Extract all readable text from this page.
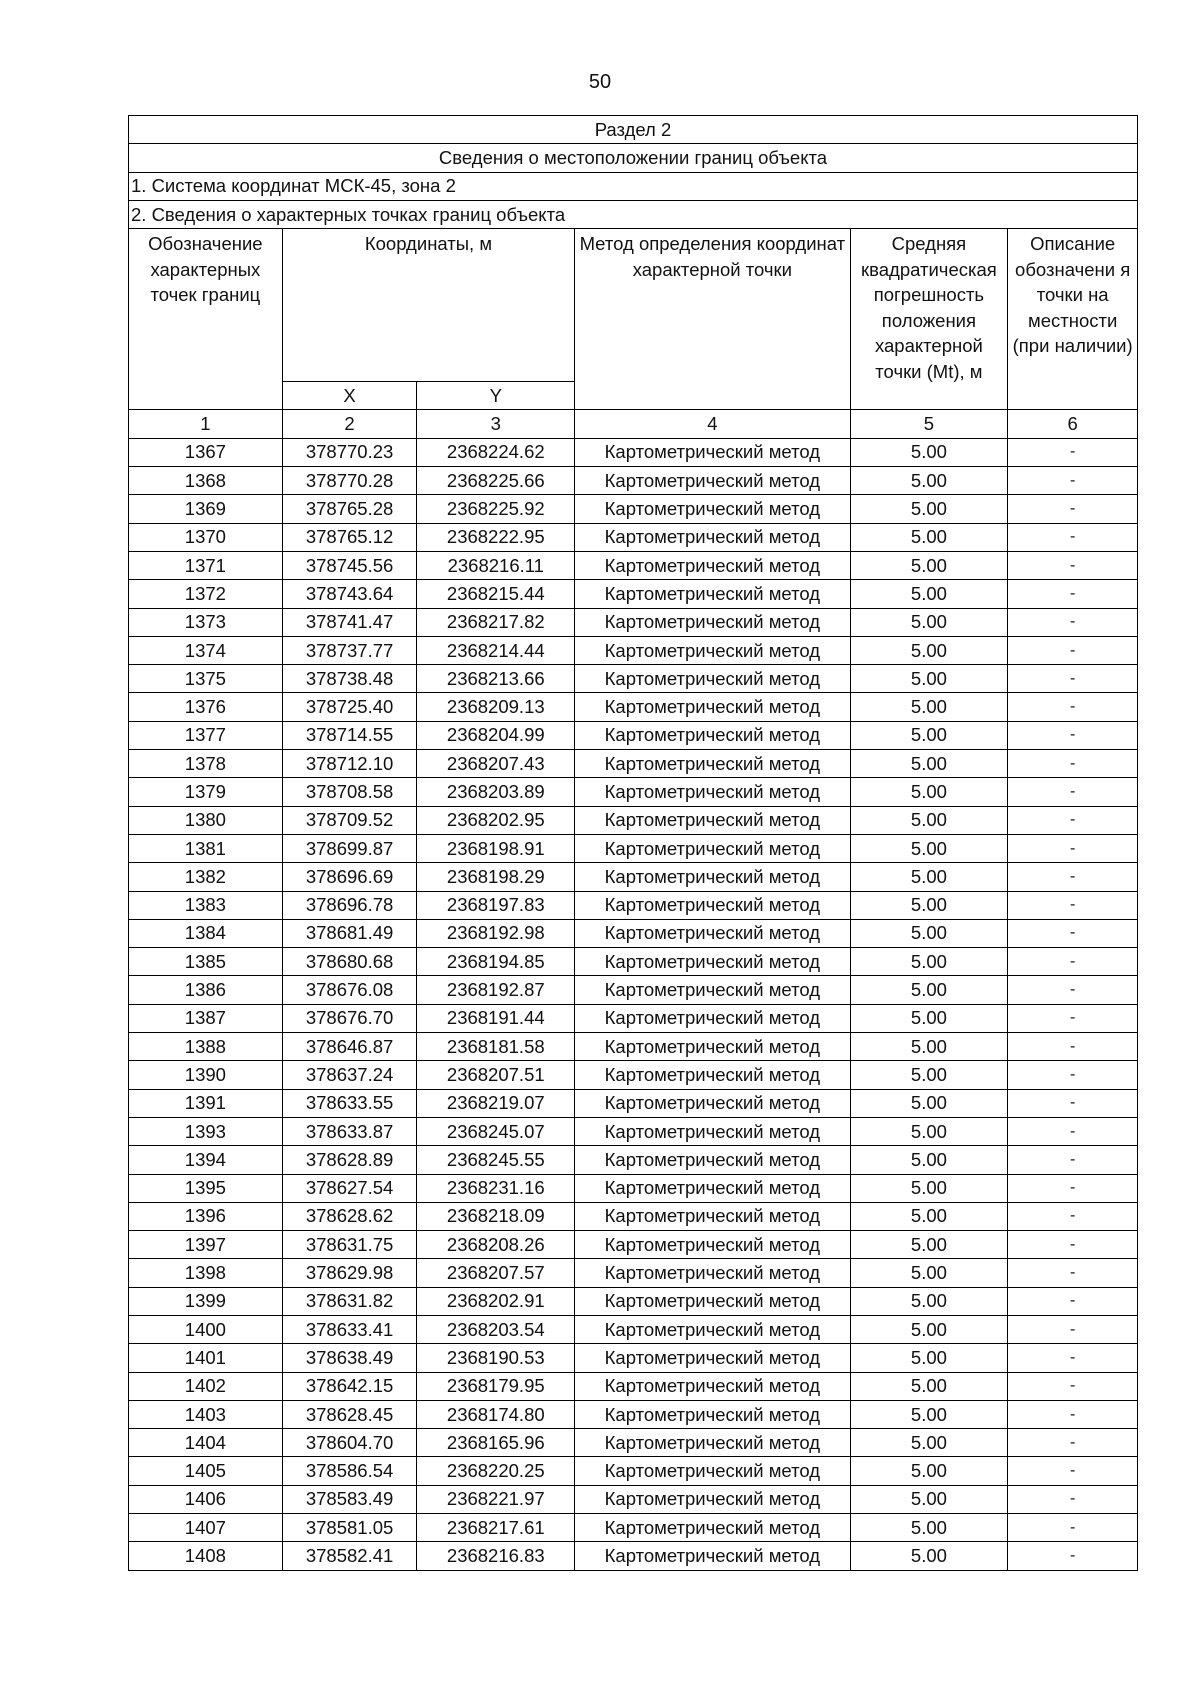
50
Раздел 2					
Сведения о местоположении границ объекта					
1. Система координат МСК-45, зона 2					
2. Сведения о характерных точках границ объекта					
Обозначение характерных точек границ	Координаты, м		Метод определения координат характерной точки	Средняя квадратическая погрешность положения характерной точки (Mt), м	Описание обозначени я точки на местности (при наличии)
	X	Y			
1	2	3	4	5	6
1367	378770.23	2368224.62	Картометрический метод	5.00	-
1368	378770.28	2368225.66	Картометрический метод	5.00	-
1369	378765.28	2368225.92	Картометрический метод	5.00	-
1370	378765.12	2368222.95	Картометрический метод	5.00	-
1371	378745.56	2368216.11	Картометрический метод	5.00	-
1372	378743.64	2368215.44	Картометрический метод	5.00	-
1373	378741.47	2368217.82	Картометрический метод	5.00	-
1374	378737.77	2368214.44	Картометрический метод	5.00	-
1375	378738.48	2368213.66	Картометрический метод	5.00	-
1376	378725.40	2368209.13	Картометрический метод	5.00	-
1377	378714.55	2368204.99	Картометрический метод	5.00	-
1378	378712.10	2368207.43	Картометрический метод	5.00	-
1379	378708.58	2368203.89	Картометрический метод	5.00	-
1380	378709.52	2368202.95	Картометрический метод	5.00	-
1381	378699.87	2368198.91	Картометрический метод	5.00	-
1382	378696.69	2368198.29	Картометрический метод	5.00	-
1383	378696.78	2368197.83	Картометрический метод	5.00	-
1384	378681.49	2368192.98	Картометрический метод	5.00	-
1385	378680.68	2368194.85	Картометрический метод	5.00	-
1386	378676.08	2368192.87	Картометрический метод	5.00	-
1387	378676.70	2368191.44	Картометрический метод	5.00	-
1388	378646.87	2368181.58	Картометрический метод	5.00	-
1390	378637.24	2368207.51	Картометрический метод	5.00	-
1391	378633.55	2368219.07	Картометрический метод	5.00	-
1393	378633.87	2368245.07	Картометрический метод	5.00	-
1394	378628.89	2368245.55	Картометрический метод	5.00	-
1395	378627.54	2368231.16	Картометрический метод	5.00	-
1396	378628.62	2368218.09	Картометрический метод	5.00	-
1397	378631.75	2368208.26	Картометрический метод	5.00	-
1398	378629.98	2368207.57	Картометрический метод	5.00	-
1399	378631.82	2368202.91	Картометрический метод	5.00	-
1400	378633.41	2368203.54	Картометрический метод	5.00	-
1401	378638.49	2368190.53	Картометрический метод	5.00	-
1402	378642.15	2368179.95	Картометрический метод	5.00	-
1403	378628.45	2368174.80	Картометрический метод	5.00	-
1404	378604.70	2368165.96	Картометрический метод	5.00	-
1405	378586.54	2368220.25	Картометрический метод	5.00	-
1406	378583.49	2368221.97	Картометрический метод	5.00	-
1407	378581.05	2368217.61	Картометрический метод	5.00	-
1408	378582.41	2368216.83	Картометрический метод	5.00	-
